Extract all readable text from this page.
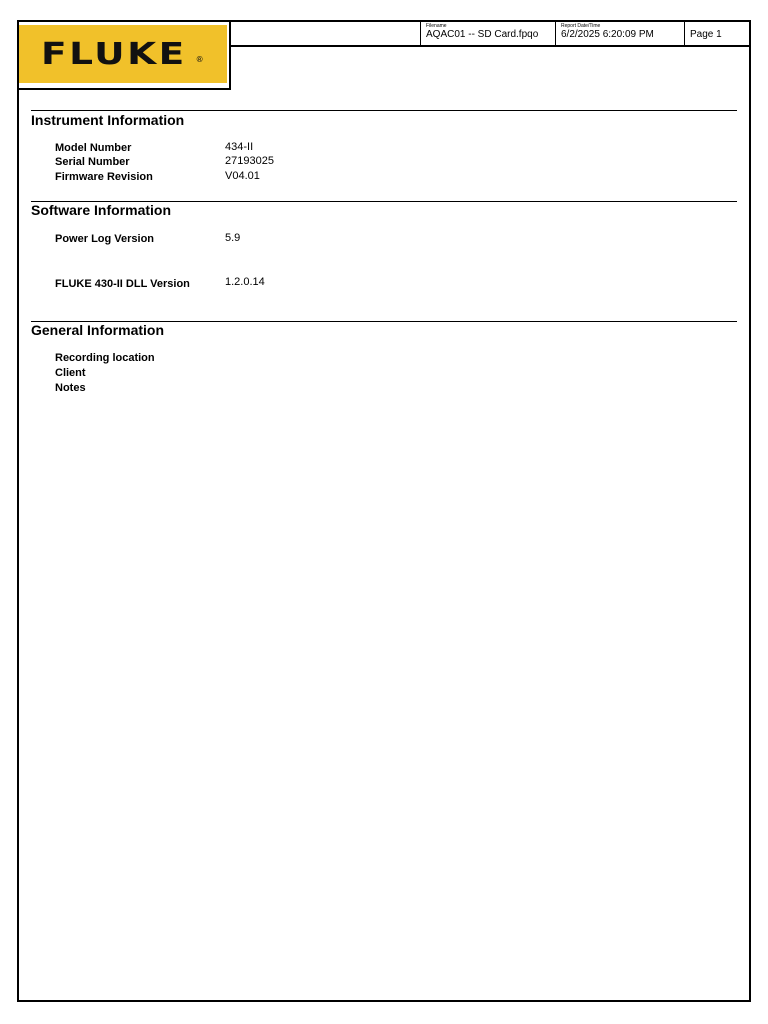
FLUKE ®
Filename
AQAC01 -- SD Card.fpqo
Report Date/Time
6/2/2025 6:20:09 PM	Page 1
Instrument Information
Model Number	434-II
Serial Number	27193025
Firmware Revision	V04.01
Software Information
Power Log Version	5.9
FLUKE 430-II DLL Version	1.2.0.14
General Information
Recording location
Client
Notes
